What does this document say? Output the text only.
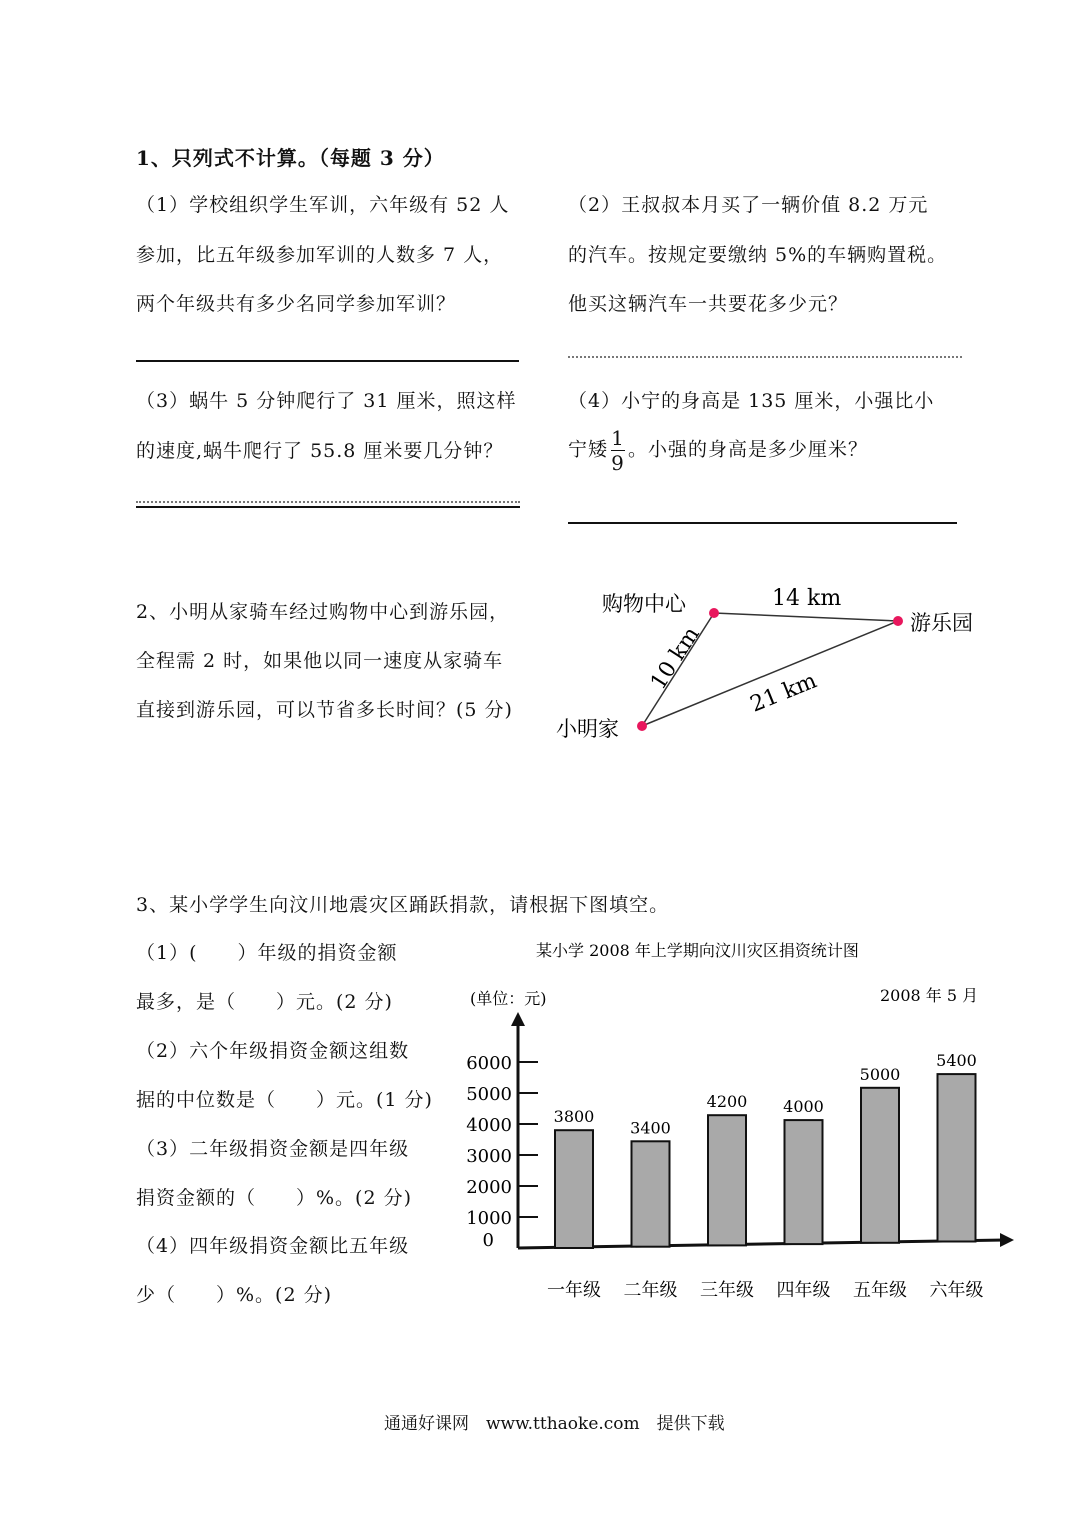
1、只列式不计算。（每题 3 分）
（1）学校组织学生军训，六年级有 52 人
参加，比五年级参加军训的人数多 7 人，
两个年级共有多少名同学参加军训？
（2）王叔叔本月买了一辆价值 8.2 万元
的汽车。按规定要缴纳 5%的车辆购置税。
他买这辆汽车一共要花多少元？
（3）蜗牛 5 分钟爬行了 31 厘米，照这样
的速度,蜗牛爬行了 55.8 厘米要几分钟？
（4）小宁的身高是 135 厘米，小强比小
宁矮 $\frac{1}{9}$ 。小强的身高是多少厘米？
2、小明从家骑车经过购物中心到游乐园，
全程需 2 时，如果他以同一速度从家骑车
直接到游乐园，可以节省多长时间？(5 分)
购物中心
游乐园
小明家
14 km
10 km 21 km
3、某小学学生向汶川地震灾区踊跃捐款，请根据下图填空。
（1）(　　）年级的捐资金额
最多，是（　　）元。(2 分)
（2）六个年级捐资金额这组数
据的中位数是（　　）元。(1 分)
（3）二年级捐资金额是四年级
捐资金额的（　　）%。(2 分)
（4）四年级捐资金额比五年级
少（　　）%。(2 分)
某小学 2008 年上学期向汶川灾区捐资统计图
(单位：元)	2008 年 5 月
0
1000
2000
3000
4000
5000
6000
3800
3400
4200 4000
5000
5400
一年级 二年级 三年级 四年级 五年级 六年级
通通好课网　www.tthaoke.com　提供下载
